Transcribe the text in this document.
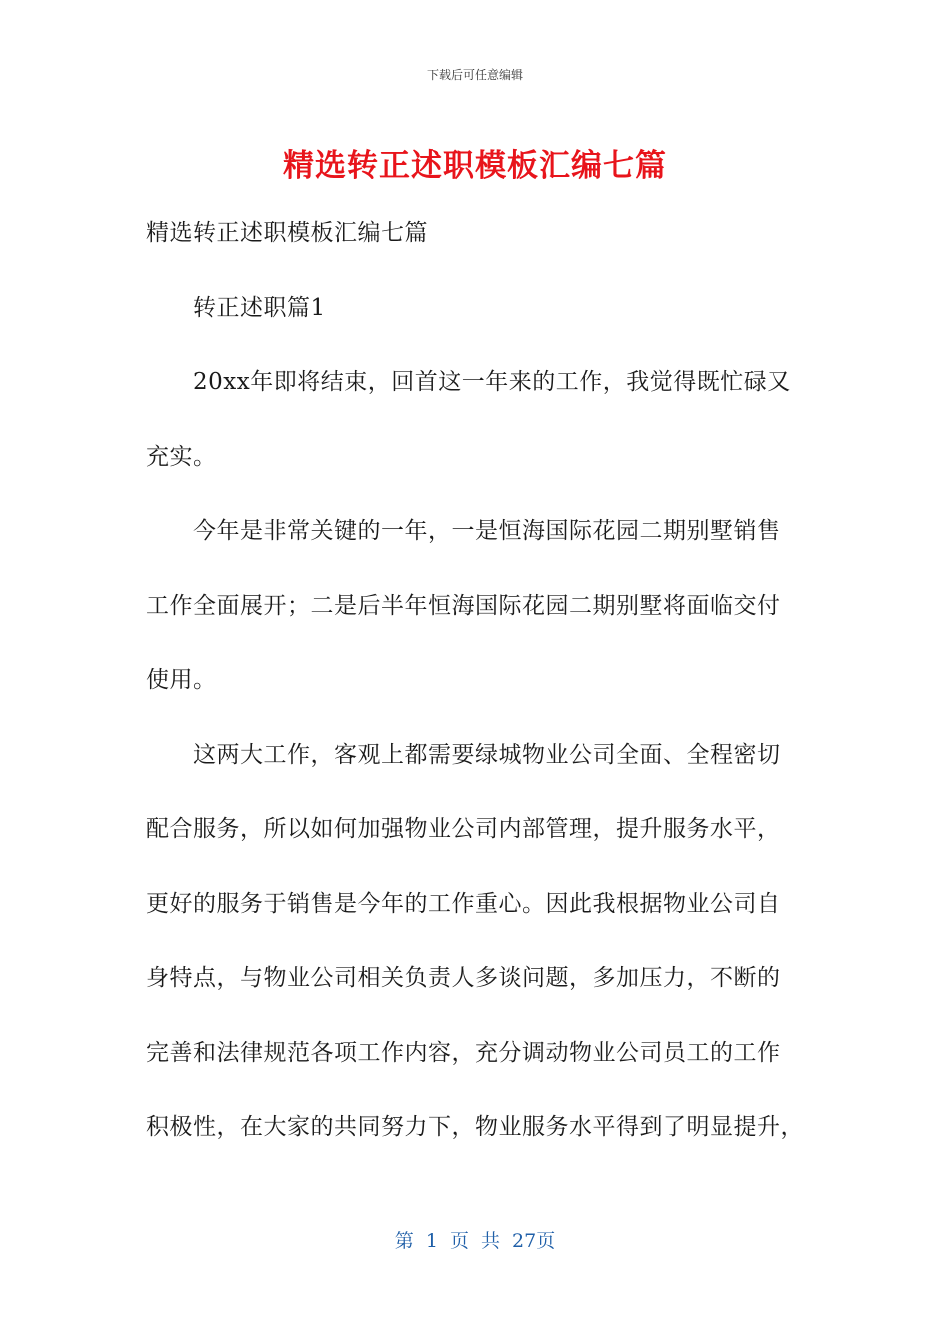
下载后可任意编辑
精选转正述职模板汇编七篇
精选转正述职模板汇编七篇
转正述职篇1
20xx年即将结束，回首这一年来的工作，我觉得既忙碌又
充实。
今年是非常关键的一年，一是恒海国际花园二期别墅销售
工作全面展开；二是后半年恒海国际花园二期别墅将面临交付
使用。
这两大工作，客观上都需要绿城物业公司全面、全程密切
配合服务，所以如何加强物业公司内部管理，提升服务水平，
更好的服务于销售是今年的工作重心。因此我根据物业公司自
身特点，与物业公司相关负责人多谈问题，多加压力，不断的
完善和法律规范各项工作内容，充分调动物业公司员工的工作
积极性，在大家的共同努力下，物业服务水平得到了明显提升，
第 1 页 共 27页
